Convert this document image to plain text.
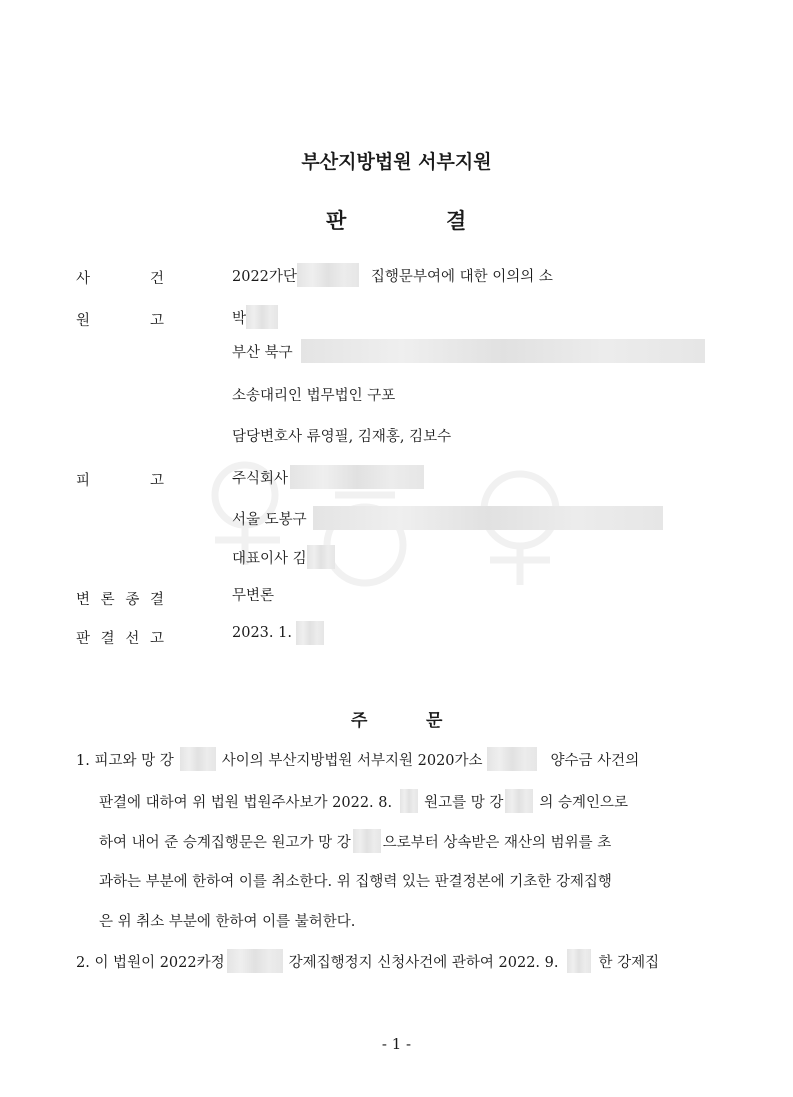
부산지방법원 서부지원
판	결
사	건	2022가단	집행문부여에 대한 이의의 소
원	고	박
부산 북구
소송대리인 법무법인 구포
담당변호사 류영필, 김재홍, 김보수
피	고	주식회사
서울 도봉구
대표이사 김
변 론 종 결	무변론
판 결 선 고	2023. 1.
주	문
1. 피고와 망 강	사이의 부산지방법원 서부지원 2020가소	양수금 사건의
판결에 대하여 위 법원 법원주사보가 2022. 8. 원고를 망 강 의 승계인으로
하여 내어 준 승계집행문은 원고가 망 강 으로부터 상속받은 재산의 범위를 초
과하는 부분에 한하여 이를 취소한다. 위 집행력 있는 판결정본에 기초한 강제집행
은 위 취소 부분에 한하여 이를 불허한다.
2. 이 법원이 2022카정	강제집행정지 신청사건에 관하여 2022. 9.	한 강제집
- 1 -
